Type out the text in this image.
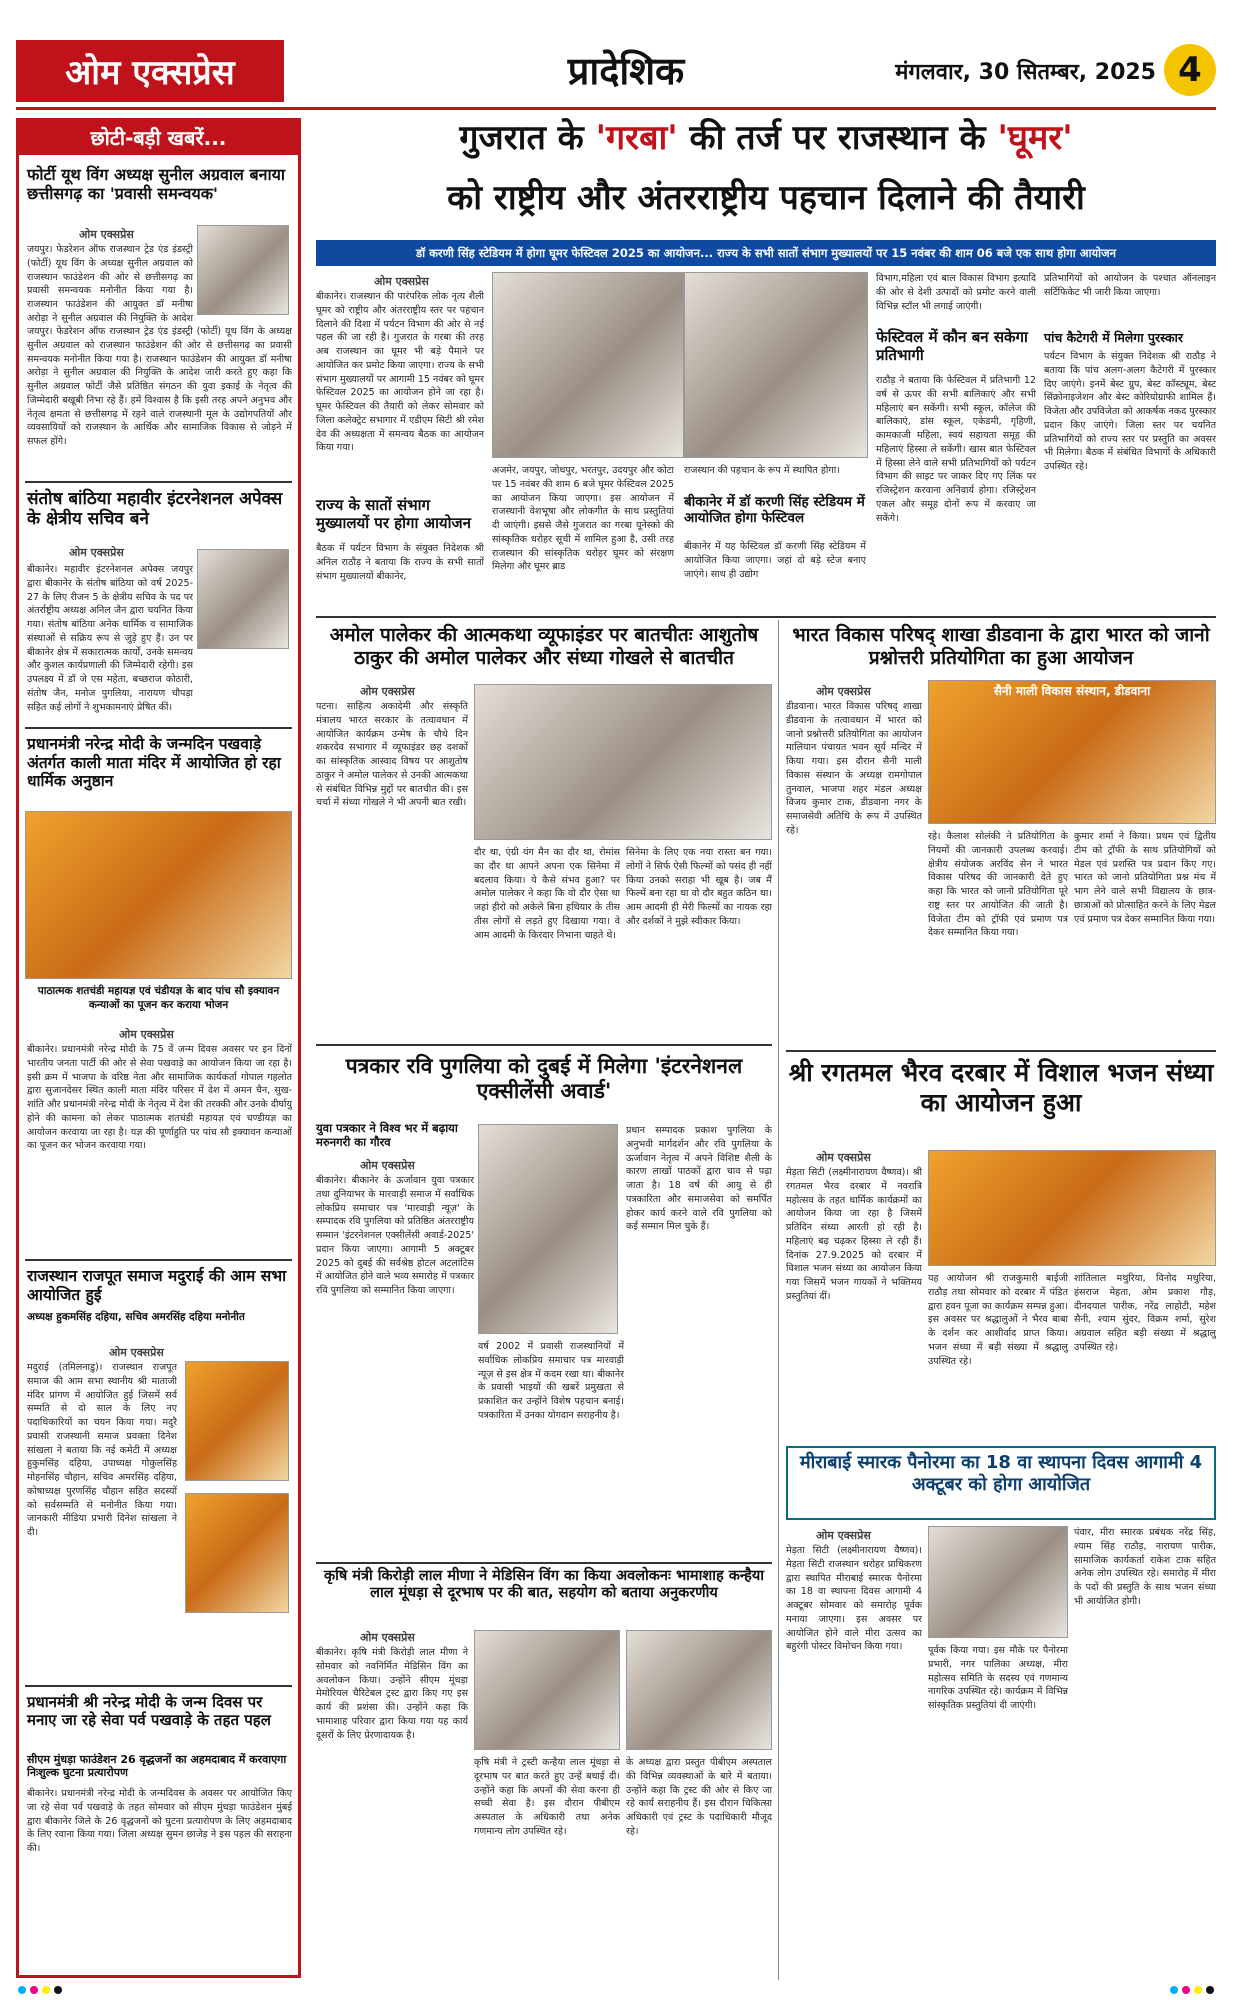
ओम एक्सप्रेस	प्रादेशिक	मंगलवार, 30 सितम्बर, 2025 4
छोटी-बड़ी खबरें...
फोर्टी यूथ विंग अध्यक्ष सुनील अग्रवाल बनाया छत्तीसगढ़ का 'प्रवासी समन्वयक'
ओम एक्सप्रेस
जयपुर। फेडरेशन ऑफ राजस्थान ट्रेड एंड इंडस्ट्री (फोर्टी) यूथ विंग के अध्यक्ष सुनील अग्रवाल को राजस्थान फाउंडेशन की ओर से छत्तीसगढ़ का प्रवासी समन्वयक मनोनीत किया गया है। राजस्थान फाउंडेशन की आयुक्त डॉ मनीषा अरोड़ा ने सुनील अग्रवाल की नियुक्ति के आदेश
जयपुर। फेडरेशन ऑफ राजस्थान ट्रेड एंड इंडस्ट्री (फोर्टी) यूथ विंग के अध्यक्ष सुनील अग्रवाल को राजस्थान फाउंडेशन की ओर से छत्तीसगढ़ का प्रवासी समन्वयक मनोनीत किया गया है। राजस्थान फाउंडेशन की आयुक्त डॉ मनीषा अरोड़ा ने सुनील अग्रवाल की नियुक्ति के आदेश जारी करते हुए कहा कि सुनील अग्रवाल फोर्टी जैसे प्रतिष्ठित संगठन की युवा इकाई के नेतृत्व की जिम्मेदारी बखूबी निभा रहे हैं। हमें विश्वास है कि इसी तरह अपने अनुभव और नेतृत्व क्षमता से छत्तीसगढ़ में रहने वाले राजस्थानी मूल के उद्योगपतियों और व्यवसायियों को राजस्थान के आर्थिक और सामाजिक विकास से जोड़ने में सफल होंगे।
संतोष बांठिया महावीर इंटरनेशनल अपेक्स के क्षेत्रीय सचिव बने
ओम एक्सप्रेस
बीकानेर। महावीर इंटरनेशनल अपेक्स जयपुर द्वारा बीकानेर के संतोष बांठिया को वर्ष 2025-27 के लिए रीजन 5 के क्षेत्रीय सचिव के पद पर अंतर्राष्ट्रीय अध्यक्ष अनिल जैन द्वारा चयनित किया गया। संतोष बांठिया अनेक धार्मिक व सामाजिक संस्थाओं से सक्रिय रूप से जुड़े हुए हैं। उन पर बीकानेर क्षेत्र में सकारात्मक कार्यों, उनके समन्वय और कुशल कार्यप्रणाली की जिम्मेदारी रहेगी। इस उपलक्ष्य में डॉ जे एस महेता, बच्छराज कोठारी, संतोष जैन, मनोज पुगलिया, नारायण चौपड़ा सहित कई लोगों ने शुभकामनाएं प्रेषित कीं।
प्रधानमंत्री नरेन्द्र मोदी के जन्मदिन पखवाड़े अंतर्गत काली माता मंदिर में आयोजित हो रहा धार्मिक अनुष्ठान
पाठात्मक शतचंडी महायज्ञ एवं चंडीयज्ञ के बाद पांच सौ इक्यावन कन्याओं का पूजन कर कराया भोजन
ओम एक्सप्रेस
बीकानेर। प्रधानमंत्री नरेन्द्र मोदी के 75 वें जन्म दिवस अवसर पर इन दिनों भारतीय जनता पार्टी की ओर से सेवा पखवाड़े का आयोजन किया जा रहा है। इसी क्रम में भाजपा के वरिष्ठ नेता और सामाजिक कार्यकर्ता गोपाल गहलोत द्वारा सुजानदेसर स्थित काली माता मंदिर परिसर में देश में अमन चैन, सुख-शांति और प्रधानमंत्री नरेन्द्र मोदी के नेतृत्व में देश की तरक्की और उनके दीर्घायु होने की कामना को लेकर पाठात्मक शतचंडी महायज्ञ एवं चण्डीयज्ञ का आयोजन करवाया जा रहा है। यज्ञ की पूर्णाहुति पर पांच सौ इक्यावन कन्याओं का पूजन कर भोजन करवाया गया।
राजस्थान राजपूत समाज मदुराई की आम सभा आयोजित हुई
अध्यक्ष हुकमसिंह दहिया, सचिव अमरसिंह दहिया मनोनीत
ओम एक्सप्रेस
मदुराई (तमिलनाडु)। राजस्थान राजपूत समाज की आम सभा स्थानीय श्री माताजी मंदिर प्रांगण में आयोजित हुई जिसमें सर्व सम्मति से दो साल के लिए नए पदाधिकारियों का चयन किया गया। मदुरै प्रवासी राजस्थानी समाज प्रवक्ता दिनेश सांखला ने बताया कि नई कमेटी में अध्यक्ष हुकुमसिंह दहिया, उपाध्यक्ष गोकुलसिंह मोहनसिंह चौहान, सचिव अमरसिंह दहिया, कोषाध्यक्ष पुरणसिंह चौहान सहित सदस्यों को सर्वसम्मति से मनोनीत किया गया। जानकारी मीडिया प्रभारी दिनेश सांखला ने दी।
प्रधानमंत्री श्री नरेन्द्र मोदी के जन्म दिवस पर मनाए जा रहे सेवा पर्व पखवाड़े के तहत पहल
सीएम मुंधड़ा फाउंडेशन 26 वृद्धजनों का अहमदाबाद में करवाएगा निःशुल्क घुटना प्रत्यारोपण
बीकानेर। प्रधानमंत्री नरेन्द्र मोदी के जन्मदिवस के अवसर पर आयोजित किए जा रहे सेवा पर्व पखवाड़े के तहत सोमवार को सीएम मुंधड़ा फाउंडेशन मुंबई द्वारा बीकानेर जिले के 26 वृद्धजनों को घुटना प्रत्यारोपण के लिए अहमदाबाद के लिए रवाना किया गया। जिला अध्यक्ष सुमन छाजेड़ ने इस पहल की सराहना की।
गुजरात के 'गरबा' की तर्ज पर राजस्थान के 'घूमर'
को राष्ट्रीय और अंतरराष्ट्रीय पहचान दिलाने की तैयारी
डॉ करणी सिंह स्टेडियम में होगा घूमर फेस्टिवल 2025 का आयोजन... राज्य के सभी सातों संभाग मुख्यालयों पर 15 नवंबर की शाम 06 बजे एक साथ होगा आयोजन
ओम एक्सप्रेस
बीकानेर। राजस्थान की पारंपरिक लोक नृत्य शैली घूमर को राष्ट्रीय और अंतरराष्ट्रीय स्तर पर पहचान दिलाने की दिशा में पर्यटन विभाग की ओर से नई पहल की जा रही है। गुजरात के गरबा की तरह अब राजस्थान का घूमर भी बड़े पैमाने पर आयोजित कर प्रमोट किया जाएगा। राज्य के सभी संभाग मुख्यालयों पर आगामी 15 नवंबर को घूमर फेस्टिवल 2025 का आयोजन होने जा रहा है। घूमर फेस्टिवल की तैयारी को लेकर सोमवार को जिला कलेक्ट्रेट सभागार में एडीएम सिटी श्री रमेश देव की अध्यक्षता में समन्वय बैठक का आयोजन किया गया।
राज्य के सातों संभाग मुख्यालयों पर होगा आयोजन
बैठक में पर्यटन विभाग के संयुक्त निदेशक श्री अनिल राठौड़ ने बताया कि राज्य के सभी सातों संभाग मुख्यालयों बीकानेर,
अजमेर, जयपुर, जोधपुर, भरतपुर, उदयपुर और कोटा पर 15 नवंबर की शाम 6 बजे घूमर फेस्टिवल 2025 का आयोजन किया जाएगा। इस आयोजन में राजस्थानी वेशभूषा और लोकगीत के साथ प्रस्तुतियां दी जाएंगी। इससे जैसे गुजरात का गरबा यूनेस्को की सांस्कृतिक धरोहर सूची में शामिल हुआ है, उसी तरह राजस्थान की सांस्कृतिक धरोहर घूमर को संरक्षण मिलेगा और घूमर ब्राड
राजस्थान की पहचान के रूप में स्थापित होगा।
बीकानेर में डॉ करणी सिंह स्टेडियम में आयोजित होगा फेस्टिवल
बीकानेर में यह फेस्टिवल डॉ करणी सिंह स्टेडियम में आयोजित किया जाएगा। जहां दो बड़े स्टेज बनाए जाएंगे। साथ ही उद्योग
विभाग,महिला एवं बाल विकास विभाग इत्यादि की ओर से देशी उत्पादों को प्रमोट करने वाली विभिन्न स्टॉल भी लगाई जाएंगी।
फेस्टिवल में कौन बन सकेगा प्रतिभागी
राठौड़ ने बताया कि फेस्टिवल में प्रतिभागी 12 वर्ष से ऊपर की सभी बालिकाएं और सभी महिलाएं बन सकेंगी। सभी स्कूल, कॉलेज की बालिकाएं, डांस स्कूल, एकेडमी, गृहिणी, कामकाजी महिला, स्वयं सहायता समूह की महिलाएं हिस्सा ले सकेंगी। खास बात फेस्टिवल में हिस्सा लेने वाले सभी प्रतिभागियों को पर्यटन विभाग की साइट पर जाकर दिए गए लिंक पर रजिस्ट्रेशन करवाना अनिवार्य होगा। रजिस्ट्रेशन एकल और समूह दोनों रूप में करवाए जा सकेंगे।
प्रतिभागियों को आयोजन के पश्चात ऑनलाइन सर्टिफिकेट भी जारी किया जाएगा।
पांच कैटेगरी में मिलेगा पुरस्कार
पर्यटन विभाग के संयुक्त निदेशक श्री राठौड़ ने बताया कि पांच अलग-अलग कैटेगरी में पुरस्कार दिए जाएंगे। इनमें बेस्ट ग्रुप, बेस्ट कॉस्ट्यूम, बेस्ट सिंक्रोनाइजेशन और बेस्ट कोरियोग्राफी शामिल हैं। विजेता और उपविजेता को आकर्षक नकद पुरस्कार प्रदान किए जाएंगे। जिला स्तर पर चयनित प्रतिभागियों को राज्य स्तर पर प्रस्तुति का अवसर भी मिलेगा। बैठक में संबंधित विभागों के अधिकारी उपस्थित रहे।
अमोल पालेकर की आत्मकथा व्यूफाइंडर पर बातचीतः आशुतोष ठाकुर की अमोल पालेकर और संध्या गोखले से बातचीत
ओम एक्सप्रेस
पटना। साहित्य अकादेमी और संस्कृति मंत्रालय भारत सरकार के तत्वावधान में आयोजित कार्यक्रम उन्मेष के चौथे दिन शकरदेव सभागार में व्यूफाइंडर छह दशकों का सांस्कृतिक आस्वाद विषय पर आशुतोष ठाकुर ने अमोल पालेकर से उनकी आत्मकथा से संबंधित विभिन्न मुद्दों पर बातचीत की। इस चर्चा में संध्या गोखले ने भी अपनी बात रखी।
दौर था, एंग्री यंग मैन का दौर था, रोमांस का दौर था आपने अपना एक सिनेमा में बदलाव किया। ये कैसे संभव हुआ? पर अमोल पालेकर ने कहा कि वो दौर ऐसा था जहां हीरो को अकेले बिना हथियार के तीस तीस लोगों से लड़ते हुए दिखाया गया। वे आम आदमी के किरदार निभाना चाहते थे।
सिनेमा के लिए एक नया रास्ता बन गया। लोगों ने सिर्फ ऐसी फिल्मों को पसंद ही नहीं किया उनको सराहा भी खूब है। जब मैं फिल्में बना रहा था वो दौर बहुत कठिन था। आम आदमी ही मेरी फिल्मों का नायक रहा और दर्शकों ने मुझे स्वीकार किया।
भारत विकास परिषद् शाखा डीडवाना के द्वारा भारत को जानो प्रश्नोत्तरी प्रतियोगिता का हुआ आयोजन
ओम एक्सप्रेस
डीडवाना। भारत विकास परिषद् शाखा डीडवाना के तत्वावधान में भारत को जानो प्रश्नोत्तरी प्रतियोगिता का आयोजन मालियान पंचायत भवन सूर्य मन्दिर में किया गया। इस दौरान सैनी माली विकास संस्थान के अध्यक्ष रामगोपाल तुनवाल, भाजपा शहर मंडल अध्यक्ष विजय कुमार टाक, डीडवाना नगर के समाजसेवी अतिथि के रूप में उपस्थित रहे।
सैनी माली विकास संस्थान, डीडवाना
रहे। कैलाश सोलंकी ने प्रतियोगिता के नियमों की जानकारी उपलब्ध करवाई। क्षेत्रीय संयोजक अरविंद सेन ने भारत विकास परिषद की जानकारी देते हुए कहा कि भारत को जानो प्रतियोगिता पूरे राष्ट्र स्तर पर आयोजित की जाती है। विजेता टीम को ट्रॉफी एवं प्रमाण पत्र देकर सम्मानित किया गया।
कुमार शर्मा ने किया। प्रथम एवं द्वितीय टीम को ट्रॉफी के साथ प्रतियोगियों को मेडल एवं प्रशस्ति पत्र प्रदान किए गए। भारत को जानो प्रतियोगिता प्रश्न मंच में भाग लेने वाले सभी विद्यालय के छात्र-छात्राओं को प्रोत्साहित करने के लिए मेडल एवं प्रमाण पत्र देकर सम्मानित किया गया।
पत्रकार रवि पुगलिया को दुबई में मिलेगा 'इंटरनेशनल एक्सीलेंसी अवार्ड'
युवा पत्रकार ने विश्व भर में बढ़ाया मरुनगरी का गौरव
ओम एक्सप्रेस
बीकानेर। बीकानेर के ऊर्जावान युवा पत्रकार तथा दुनियाभर के मारवाड़ी समाज में सर्वाधिक लोकप्रिय समाचार पत्र 'मारवाड़ी न्यूज़' के सम्पादक रवि पुगलिया को प्रतिष्ठित अंतरराष्ट्रीय सम्मान 'इंटरनेशनल एक्सीलेंसी अवार्ड-2025' प्रदान किया जाएगा। आगामी 5 अक्टूबर 2025 को दुबई की सर्वश्रेष्ठ होटल अटलांटिस में आयोजित होने वाले भव्य समारोह में पत्रकार रवि पुगलिया को सम्मानित किया जाएगा।
वर्ष 2002 में प्रवासी राजस्थानियों में सर्वाधिक लोकप्रिय समाचार पत्र मारवाड़ी न्यूज़ से इस क्षेत्र में कदम रखा था। बीकानेर के प्रवासी भाइयों की खबरें प्रमुखता से प्रकाशित कर उन्होंने विशेष पहचान बनाई। पत्रकारिता में उनका योगदान सराहनीय है।
प्रधान सम्पादक प्रकाश पुगलिया के अनुभवी मार्गदर्शन और रवि पुगलिया के ऊर्जावान नेतृत्व में अपने विशिष्ट शैली के कारण लाखों पाठकों द्वारा चाव से पढ़ा जाता है। 18 वर्ष की आयु से ही पत्रकारिता और समाजसेवा को समर्पित होकर कार्य करने वाले रवि पुगलिया को कई सम्मान मिल चुके हैं।
कृषि मंत्री किरोड़ी लाल मीणा ने मेडिसिन विंग का किया अवलोकनः भामाशाह कन्हैया लाल मूंधड़ा से दूरभाष पर की बात, सहयोग को बताया अनुकरणीय
ओम एक्सप्रेस
बीकानेर। कृषि मंत्री किरोड़ी लाल मीणा ने सोमवार को नवनिर्मित मेडिसिन विंग का अवलोकन किया। उन्होंने सीएम मूंधड़ा मेमोरियल चैरिटेबल ट्रस्ट द्वारा किए गए इस कार्य की प्रशंसा की। उन्होंने कहा कि भामाशाह परिवार द्वारा किया गया यह कार्य दूसरों के लिए प्रेरणादायक है।
कृषि मंत्री ने ट्रस्टी कन्हैया लाल मूंधड़ा से दूरभाष पर बात करते हुए उन्हें बधाई दी। उन्होंने कहा कि अपनों की सेवा करना ही सच्ची सेवा है। इस दौरान पीबीएम अस्पताल के अधिकारी तथा अनेक गणमान्य लोग उपस्थित रहे।
के अध्यक्ष द्वारा प्रस्तुत पीबीएम अस्पताल की विभिन्न व्यवस्थाओं के बारे में बताया। उन्होंने कहा कि ट्रस्ट की ओर से किए जा रहे कार्य सराहनीय हैं। इस दौरान चिकित्सा अधिकारी एवं ट्रस्ट के पदाधिकारी मौजूद रहे।
श्री रगतमल भैरव दरबार में विशाल भजन संध्या का आयोजन हुआ
ओम एक्सप्रेस
मेड़ता सिटी (लक्ष्मीनारायण वैष्णव)। श्री रगतमल भैरव दरबार में नवरात्रि महोत्सव के तहत धार्मिक कार्यक्रमों का आयोजन किया जा रहा है जिसमें प्रतिदिन संध्या आरती हो रही है। महिलाएं बढ़ चढ़कर हिस्सा ले रही हैं। दिनांक 27.9.2025 को दरबार में विशाल भजन संध्या का आयोजन किया गया जिसमें भजन गायकों ने भक्तिमय प्रस्तुतियां दीं।
यह आयोजन श्री राजकुमारी बाईजी राठौड़ तथा सोमवार को दरबार में पंडित द्वारा हवन पूजा का कार्यक्रम सम्पन्न हुआ। इस अवसर पर श्रद्धालुओं ने भैरव बाबा के दर्शन कर आशीर्वाद प्राप्त किया। भजन संध्या में बड़ी संख्या में श्रद्धालु उपस्थित रहे।
शांतिलाल मथुरिया, विनोद मथुरिया, हंसराज मेहता, ओम प्रकाश गौड़, दीनदयाल पारीक, नरेंद्र लाहोटी, महेश सैनी, श्याम सुंदर, विक्रम शर्मा, सुरेश अग्रवाल सहित बड़ी संख्या में श्रद्धालु उपस्थित रहे।
मीराबाई स्मारक पैनोरमा का 18 वा स्थापना दिवस आगामी 4 अक्टूबर को होगा आयोजित
ओम एक्सप्रेस
मेड़ता सिटी (लक्ष्मीनारायण वैष्णव)। मेड़ता सिटी राजस्थान धरोहर प्राधिकरण द्वारा स्थापित मीराबाई स्मारक पैनोरमा का 18 वा स्थापना दिवस आगामी 4 अक्टूबर सोमवार को समारोह पूर्वक मनाया जाएगा। इस अवसर पर आयोजित होने वाले मीरा उत्सव का बहुरंगी पोस्टर विमोचन किया गया।	पूर्वक किया गया। इस मौके पर पैनोरमा प्रभारी, नगर पालिका अध्यक्ष, मीरा महोत्सव समिति के सदस्य एवं गणमान्य नागरिक उपस्थित रहे। कार्यक्रम में विभिन्न सांस्कृतिक प्रस्तुतियां दी जाएंगी।
पंवार, मीरा स्मारक प्रबंधक नरेंद्र सिंह, श्याम सिंह राठौड़, नारायण पारीक, सामाजिक कार्यकर्ता राकेश टाक सहित अनेक लोग उपस्थित रहे। समारोह में मीरा के पदों की प्रस्तुति के साथ भजन संध्या भी आयोजित होगी।
